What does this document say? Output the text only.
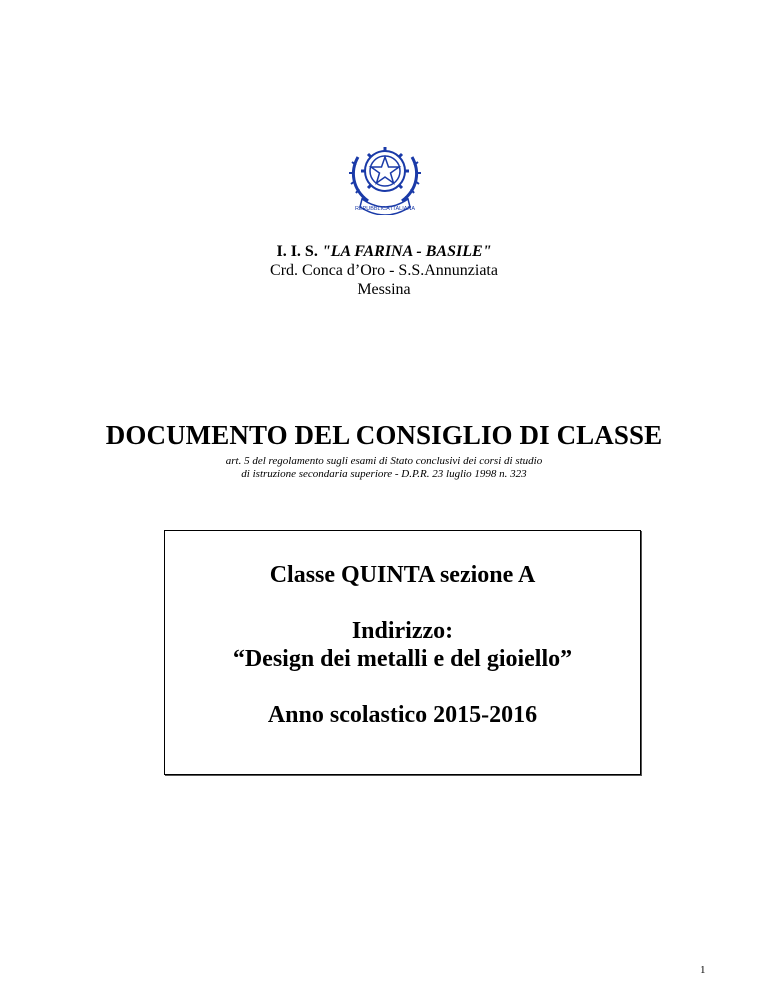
REPUBBLICA ITALIANA
I. I. S. "LA FARINA - BASILE"
Crd. Conca d’Oro - S.S.Annunziata
Messina
DOCUMENTO DEL CONSIGLIO DI CLASSE
art. 5 del regolamento sugli esami di Stato conclusivi dei corsi di studio
di istruzione secondaria superiore - D.P.R. 23 luglio 1998 n. 323
Classe QUINTA sezione A
Indirizzo:
“Design dei metalli e del gioiello”
Anno scolastico 2015-2016
1
